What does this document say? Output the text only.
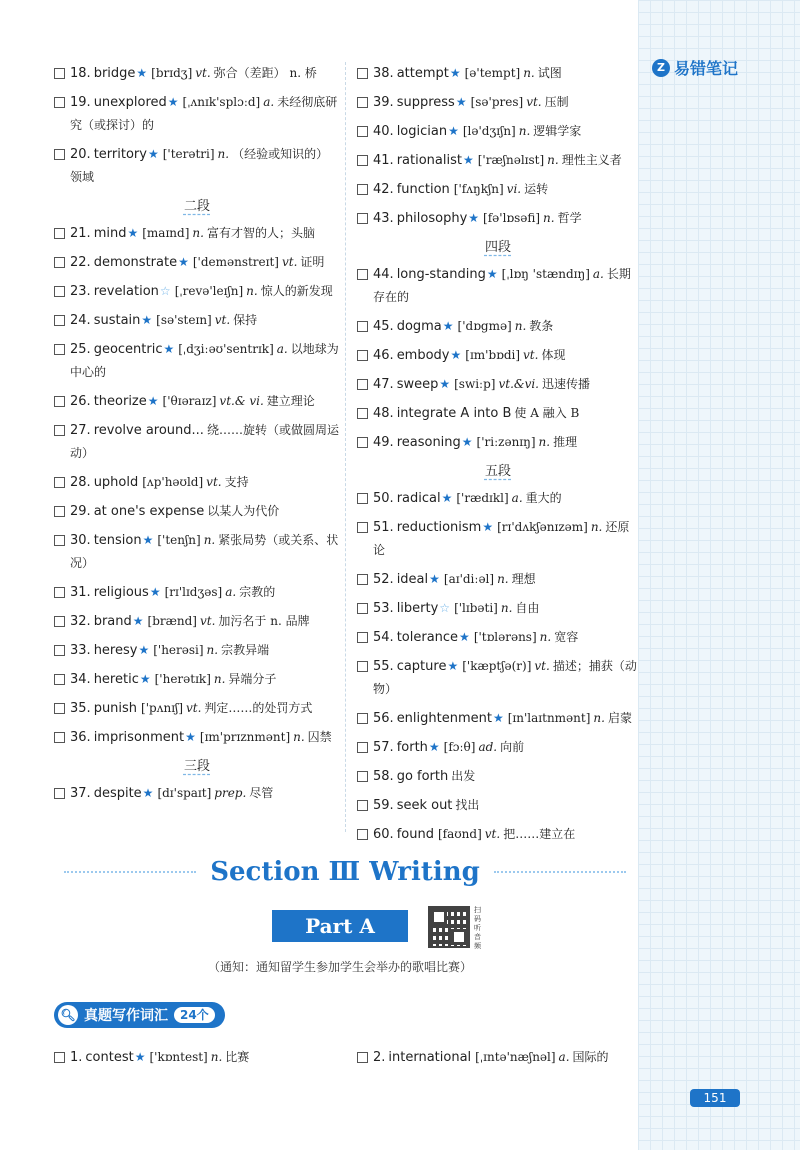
Z 易错笔记
18. bridge★ [brɪdʒ] vt. 弥合（差距） n. 桥
19. unexplored★ [ˌʌnɪk'splɔːd] a. 未经彻底研究（或探讨）的
20. territory★ ['terətri] n. （经验或知识的）领域
二段
21. mind★ [maɪnd] n. 富有才智的人；头脑
22. demonstrate★ ['demənstreɪt] vt. 证明
23. revelation☆ [ˌrevə'leɪʃn] n. 惊人的新发现
24. sustain★ [sə'steɪn] vt. 保持
25. geocentric★ [ˌdʒiːəʊ'sentrɪk] a. 以地球为中心的
26. theorize★ ['θɪəraɪz] vt.& vi. 建立理论
27. revolve around... 绕……旋转（或做圆周运动）
28. uphold [ʌp'həʊld] vt. 支持
29. at one's expense 以某人为代价
30. tension★ ['tenʃn] n. 紧张局势（或关系、状况）
31. religious★ [rɪ'lɪdʒəs] a. 宗教的
32. brand★ [brænd] vt. 加污名于 n. 品牌
33. heresy★ ['herəsi] n. 宗教异端
34. heretic★ ['herətɪk] n. 异端分子
35. punish ['pʌnɪʃ] vt. 判定……的处罚方式
36. imprisonment★ [ɪm'prɪznmənt] n. 囚禁
三段
37. despite★ [dɪ'spaɪt] prep. 尽管
38. attempt★ [ə'tempt] n. 试图
39. suppress★ [sə'pres] vt. 压制
40. logician★ [lə'dʒɪʃn] n. 逻辑学家
41. rationalist★ ['ræʃnəlɪst] n. 理性主义者
42. function ['fʌŋkʃn] vi. 运转
43. philosophy★ [fə'lɒsəfi] n. 哲学
四段
44. long-standing★ [ˌlɒŋ 'stændɪŋ] a. 长期存在的
45. dogma★ ['dɒgmə] n. 教条
46. embody★ [ɪm'bɒdi] vt. 体现
47. sweep★ [swiːp] vt.&vi. 迅速传播
48. integrate A into B 使 A 融入 B
49. reasoning★ ['riːzənɪŋ] n. 推理
五段
50. radical★ ['rædɪkl] a. 重大的
51. reductionism★ [rɪ'dʌkʃənɪzəm] n. 还原论
52. ideal★ [aɪ'diːəl] n. 理想
53. liberty☆ ['lɪbəti] n. 自由
54. tolerance★ ['tɒlərəns] n. 宽容
55. capture★ ['kæptʃə(r)] vt. 描述；捕获（动物）
56. enlightenment★ [ɪn'laɪtnmənt] n. 启蒙
57. forth★ [fɔːθ] ad. 向前
58. go forth 出发
59. seek out 找出
60. found [faʊnd] vt. 把……建立在
Section Ⅲ Writing
Part A
扫码听音频
（通知：通知留学生参加学生会举办的歌唱比赛）
🔍︎ 真题写作词汇	24个
1. contest★ ['kɒntest] n. 比赛	2. international [ˌɪntə'næʃnəl] a. 国际的
151
